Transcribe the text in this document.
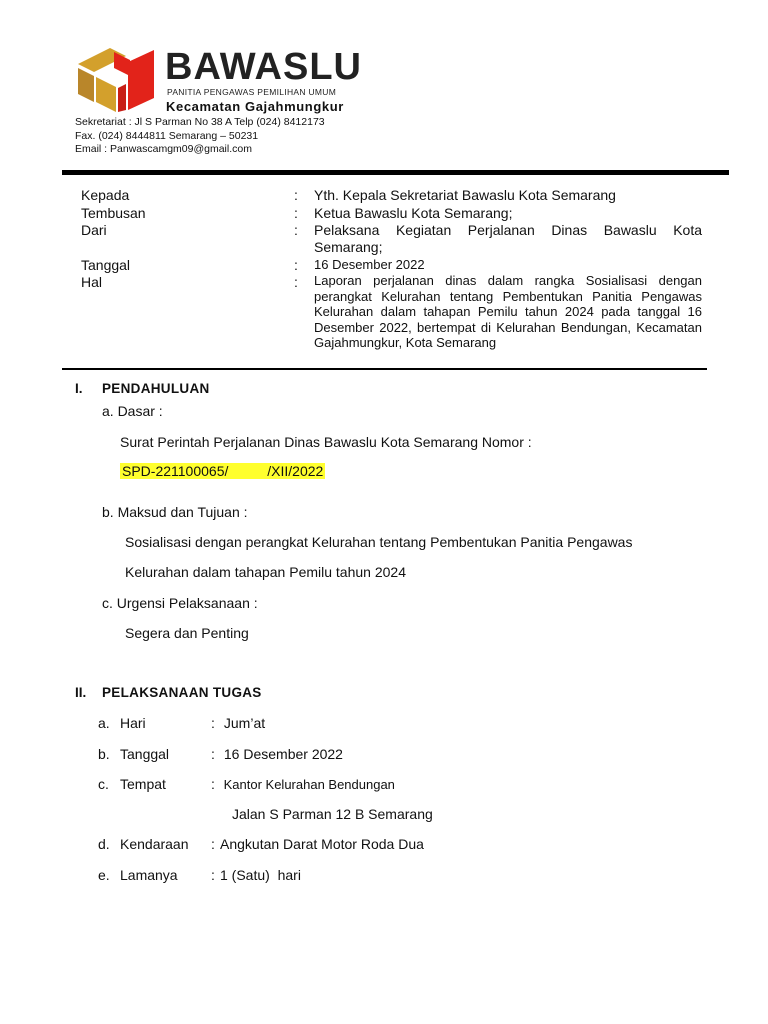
BAWASLU
PANITIA PENGAWAS PEMILIHAN UMUM
Kecamatan Gajahmungkur
Sekretariat : Jl S Parman No 38 A Telp (024) 8412173
Fax. (024) 8444811 Semarang – 50231
Email : Panwascamgm09@gmail.com
Kepada	: Yth. Kepala Sekretariat Bawaslu Kota Semarang
Tembusan	: Ketua Bawaslu Kota Semarang;
Dari	: Pelaksana Kegiatan Perjalanan Dinas Bawaslu Kota Semarang;
Tanggal	: 16 Desember 2022
Hal	: Laporan perjalanan dinas dalam rangka Sosialisasi dengan perangkat Kelurahan tentang Pembentukan Panitia Pengawas Kelurahan dalam tahapan Pemilu tahun 2024 pada tanggal 16 Desember 2022, bertempat di Kelurahan Bendungan, Kecamatan Gajahmungkur, Kota Semarang
I. PENDAHULUAN
a. Dasar :
Surat Perintah Perjalanan Dinas Bawaslu Kota Semarang Nomor :
SPD-221100065/          /XII/2022
b. Maksud dan Tujuan :
Sosialisasi dengan perangkat Kelurahan tentang Pembentukan Panitia Pengawas
Kelurahan dalam tahapan Pemilu tahun 2024
c. Urgensi Pelaksanaan :
Segera dan Penting
II. PELAKSANAAN TUGAS
a. Hari	: Jum’at
b. Tanggal	: 16 Desember 2022
c. Tempat	: Kantor Kelurahan Bendungan
Jalan S Parman 12 B Semarang
d. Kendaraan : Angkutan Darat Motor Roda Dua
e. Lamanya : 1 (Satu)  hari
